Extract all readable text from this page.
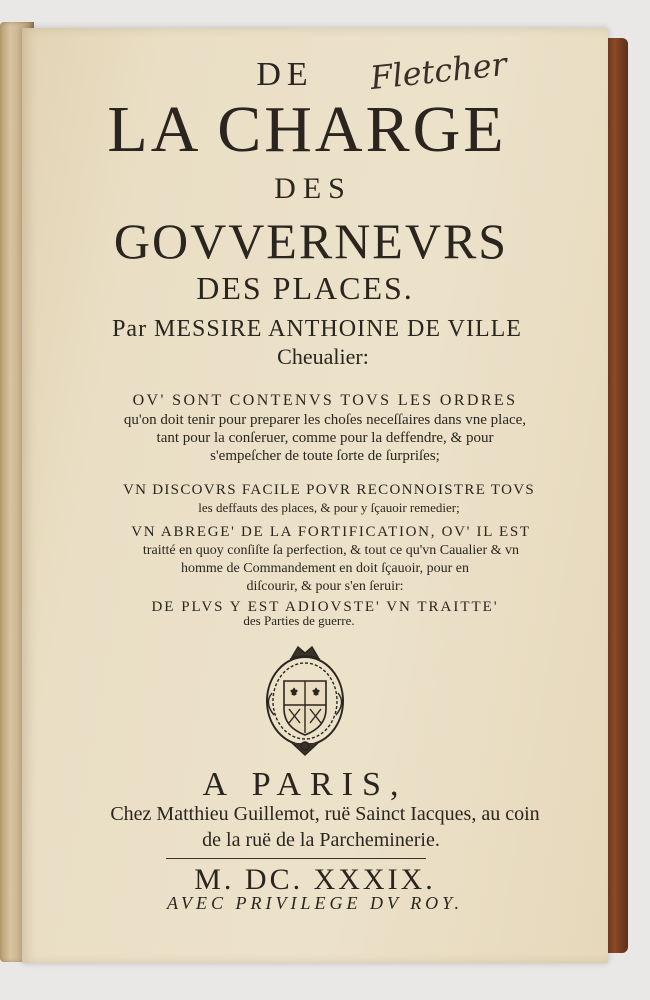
DE	Fletcher
LA CHARGE
DES
GOVVERNEVRS
DES PLACES.
Par MESSIRE ANTHOINE DE VILLE
Cheualier:
OV' SONT CONTENVS TOVS LES ORDRES
qu'on doit tenir pour preparer les choſes neceſſaires dans vne place,
tant pour la conſeruer, comme pour la deffendre, & pour
s'empeſcher de toute ſorte de ſurpriſes;
VN DISCOVRS FACILE POVR RECONNOISTRE TOVS
les deffauts des places, & pour y ſçauoir remedier;
VN ABREGE' DE LA FORTIFICATION, OV' IL EST
traitté en quoy conſiſte ſa perfection, & tout ce qu'vn Caualier & vn
homme de Commandement en doit ſçauoir, pour en
diſcourir, & pour s'en ſeruir:
DE PLVS Y EST ADIOVSTE' VN TRAITTE'
des Parties de guerre.
⚜ ⚜
A PARIS,
Chez Matthieu Guillemot, ruë Sainct Iacques, au coin
de la ruë de la Parcheminerie.
M. DC. XXXIX.
AVEC PRIVILEGE DV ROY.
